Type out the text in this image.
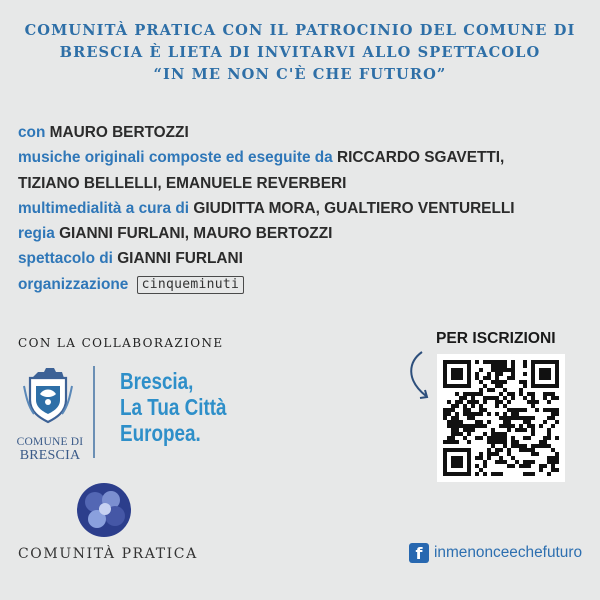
COMUNITÀ PRATICA CON IL PATROCINIO DEL COMUNE DI
BRESCIA È LIETA DI INVITARVI ALLO SPETTACOLO
“IN ME NON C'È CHE FUTURO”
con MAURO BERTOZZI
musiche originali composte ed eseguite da RICCARDO SGAVETTI,
TIZIANO BELLELLI, EMANUELE REVERBERI
multimedialità a cura di GIUDITTA MORA, GUALTIERO VENTURELLI
regia GIANNI FURLANI, MAURO BERTOZZI
spettacolo di GIANNI FURLANI
organizzazione cinqueminuti
CON LA COLLABORAZIONE
COMUNE DI
BRESCIA
Brescia,
La Tua Città
Europea.
COMUNITÀ PRATICA
PER ISCRIZIONI
f inmenonceechefuturo
